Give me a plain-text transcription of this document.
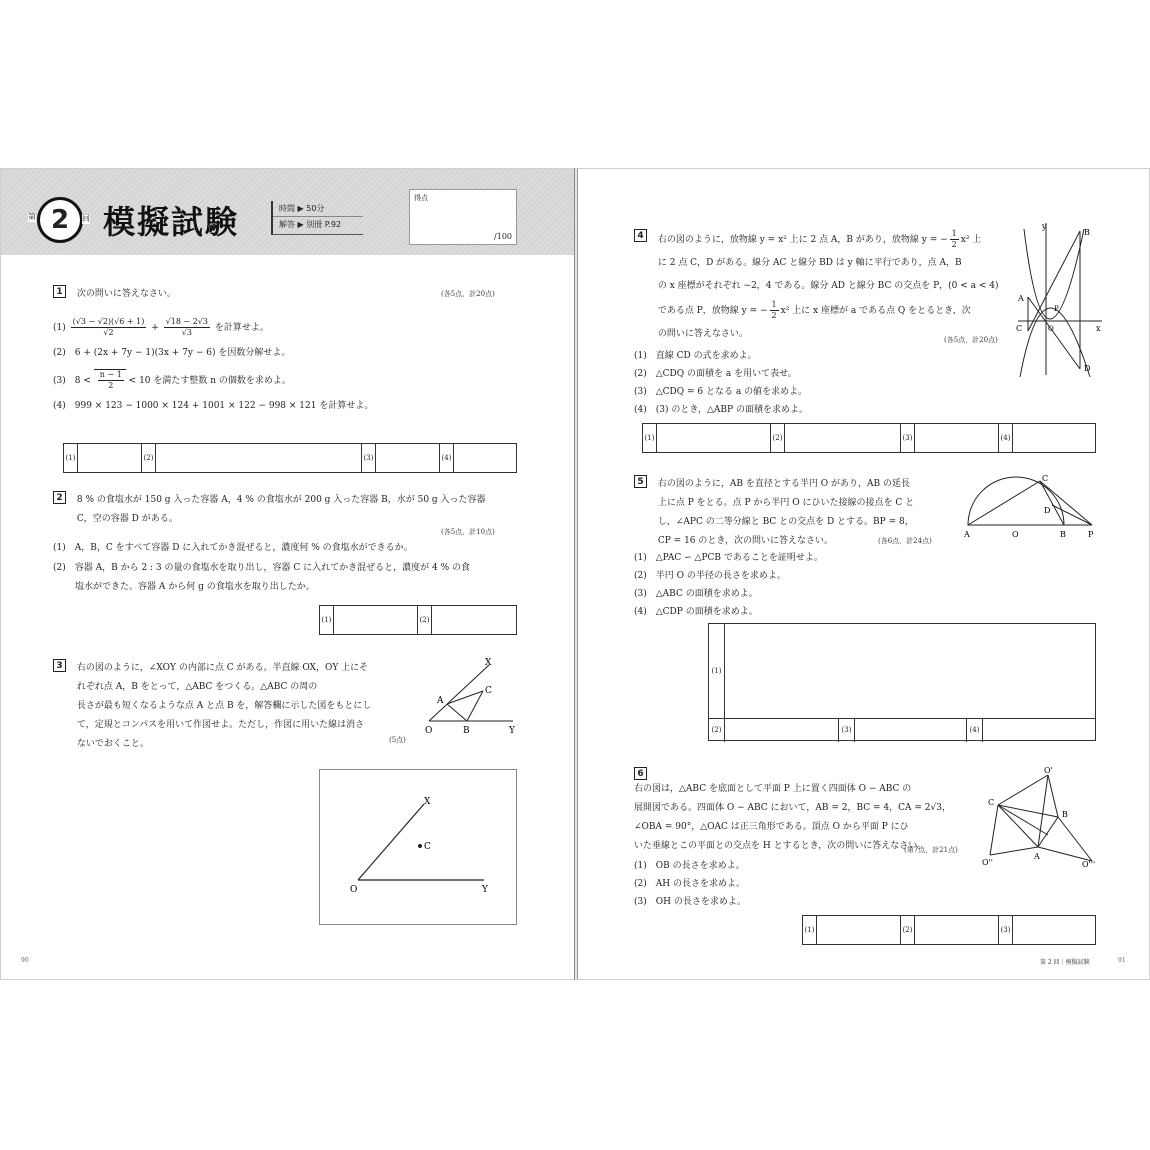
第 2 回 模擬試験	時間 ▶ 50分
解答 ▶ 別冊 P.92
得点
/100
1 次の問いに答えなさい。	(各5点，計20点)
$(1) \frac{(√3 - √2)(√6 + 1)}{√2} + \frac{√18 - 2√3}{√3}$ を計算せよ。
(2)　6 + (2x + 7y − 1)(3x + 7y − 6) を因数分解せよ。
(3)　$8 < \frac{n - 1}{2} < 10$ を満たす整数 n の個数を求めよ。
(4)　999 × 123 − 1000 × 124 + 1001 × 122 − 998 × 121 を計算せよ。
(1)	(2)	(3)	(4)
2 8 % の食塩水が 150 g 入った容器 A，4 % の食塩水が 200 g 入った容器 B，水が 50 g 入った容器
C，空の容器 D がある。
(各5点，計10点)
(1)　A，B，C をすべて容器 D に入れてかき混ぜると，濃度何 % の食塩水ができるか。
(2)　容器 A，B から 2 : 3 の量の食塩水を取り出し，容器 C に入れてかき混ぜると，濃度が 4 % の食
塩水ができた。容器 A から何 g の食塩水を取り出したか。
(1)	(2)
3 右の図のように，∠XOY の内部に点 C がある。半直線 OX，OY 上にそ
れぞれ点 A，B をとって，△ABC をつくる。△ABC の周の
長さが最も短くなるような点 A と点 B を，解答欄に示した図をもとにし
て，定規とコンパスを用いて作図せよ。ただし，作図に用いた線は消さ
ないでおくこと。	(5点)
X
Y
O
A
B
C
X
Y
O
C
90
4 右の図のように，放物線 y = x² 上に 2 点 A，B があり，放物線 y = − $\frac{1}{2} x^2$ 上
に 2 点 C，D がある。線分 AC と線分 BD は y 軸に平行であり，点 A，B
の x 座標がそれぞれ −2，4 である。線分 AD と線分 BC の交点を P，(0 < a < 4)
である点 P，放物線 y = − $\frac{1}{2} x^2$ 上に x 座標が a である点 Q をとるとき，次
の問いに答えなさい。
(各5点，計20点)
(1)　直線 CD の式を求めよ。
(2)　△CDQ の面積を a を用いて表せ。
(3)　△CDQ = 6 となる a の値を求めよ。
(4)　(3) のとき，△ABP の面積を求めよ。
y
x
O
A
B
C
D
P
(1)	(2)	(3)	(4)
5 右の図のように，AB を直径とする半円 O があり，AB の延長
上に点 P をとる。点 P から半円 O にひいた接線の接点を C と
し，∠APC の二等分線と BC との交点を D とする。BP = 8，
CP = 16 のとき，次の問いに答えなさい。	(各6点，計24点)
(1)　△PAC ∽ △PCB であることを証明せよ。
(2)　半円 O の半径の長さを求めよ。
(3)　△ABC の面積を求めよ。
(4)　△CDP の面積を求めよ。
A	O	B	P
C
D
(1)
(2)	(3)	(4)
6
右の図は，△ABC を底面として平面 P 上に置く四面体 O − ABC の
展開図である。四面体 O − ABC において，AB = 2，BC = 4，CA = 2√3，
∠OBA = 90°，△OAC は正三角形である。頂点 O から平面 P にひ
いた垂線とこの平面との交点を H とするとき，次の問いに答えなさい。
(第7点，計21点)
(1)　OB の長さを求めよ。
(2)　AH の長さを求めよ。
(3)　OH の長さを求めよ。
O'
O''	O'''
A
B
C
(1)	(2)	(3)
第 2 回｜模擬試験	91
